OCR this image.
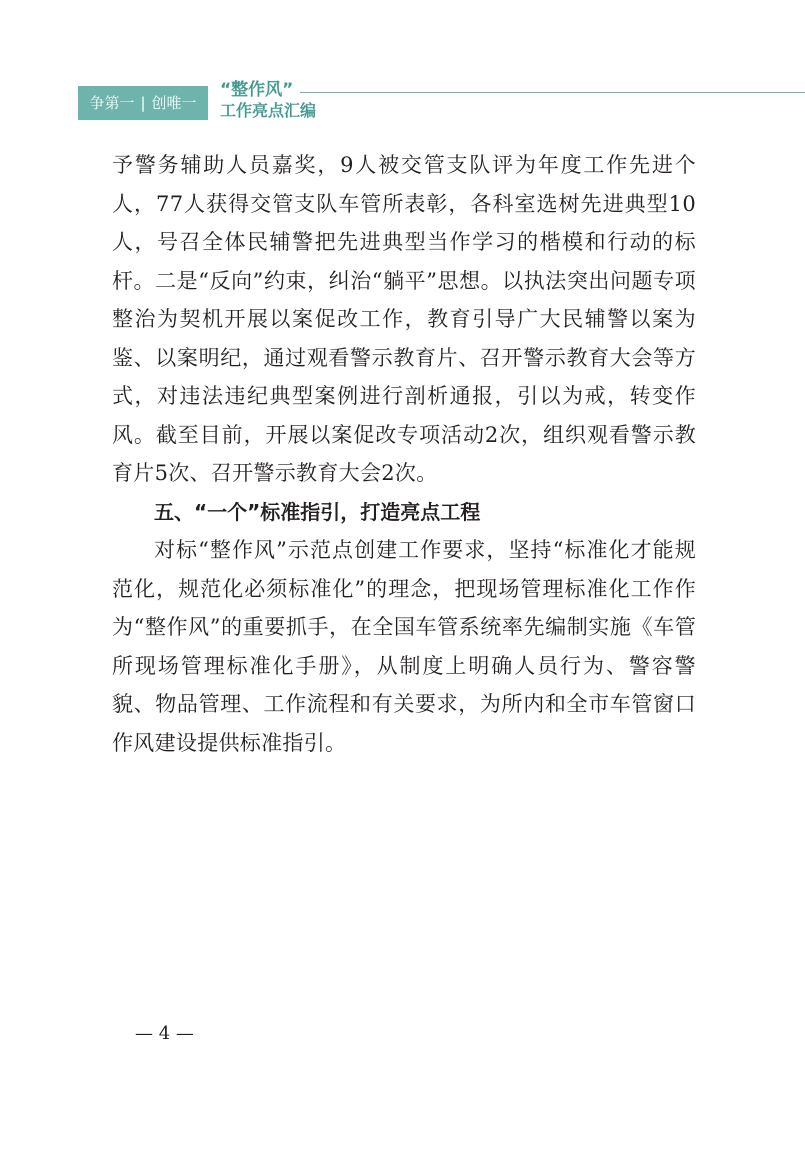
争第一 | 创唯一
“整作风”
工作亮点汇编

予警务辅助人员嘉奖，9人被交管支队评为年度工作先进个人，77人获得交管支队车管所表彰，各科室选树先进典型10人，号召全体民辅警把先进典型当作学习的楷模和行动的标杆。二是“反向”约束，纠治“躺平”思想。以执法突出问题专项整治为契机开展以案促改工作，教育引导广大民辅警以案为鉴、以案明纪，通过观看警示教育片、召开警示教育大会等方式，对违法违纪典型案例进行剖析通报，引以为戒，转变作风。截至目前，开展以案促改专项活动2次，组织观看警示教育片5次、召开警示教育大会2次。

五、“一个”标准指引，打造亮点工程

对标“整作风”示范点创建工作要求，坚持“标准化才能规范化，规范化必须标准化”的理念，把现场管理标准化工作作为“整作风”的重要抓手，在全国车管系统率先编制实施《车管所现场管理标准化手册》，从制度上明确人员行为、警容警貌、物品管理、工作流程和有关要求，为所内和全市车管窗口作风建设提供标准指引。

— 4 —
